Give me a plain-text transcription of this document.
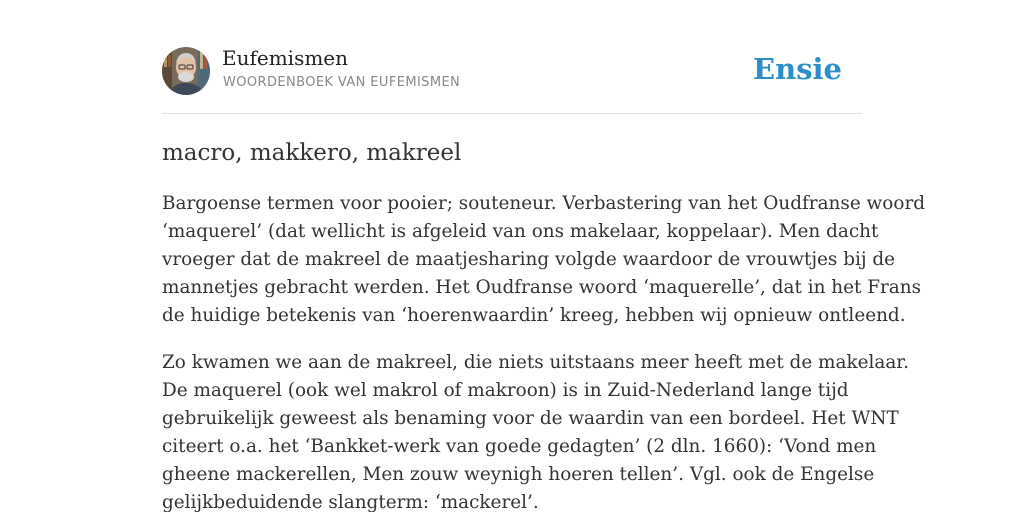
Eufemismen
WOORDENBOEK VAN EUFEMISMEN	Ensie
macro, makkero, makreel

Bargoense termen voor pooier; souteneur. Verbastering van het Oudfranse woord
‘maquerel’ (dat wellicht is afgeleid van ons makelaar, koppelaar). Men dacht
vroeger dat de makreel de maatjesharing volgde waardoor de vrouwtjes bij de
mannetjes gebracht werden. Het Oudfranse woord ‘maquerelle’, dat in het Frans
de huidige betekenis van ‘hoerenwaardin’ kreeg, hebben wij opnieuw ontleend.

Zo kwamen we aan de makreel, die niets uitstaans meer heeft met de makelaar.
De maquerel (ook wel makrol of makroon) is in Zuid-Nederland lange tijd
gebruikelijk geweest als benaming voor de waardin van een bordeel. Het WNT
citeert o.a. het ‘Bankket-werk van goede gedagten’ (2 dln. 1660): ‘Vond men
gheene mackerellen, Men zouw weynigh hoeren tellen’. Vgl. ook de Engelse
gelijkbeduidende slangterm: ‘mackerel’.
